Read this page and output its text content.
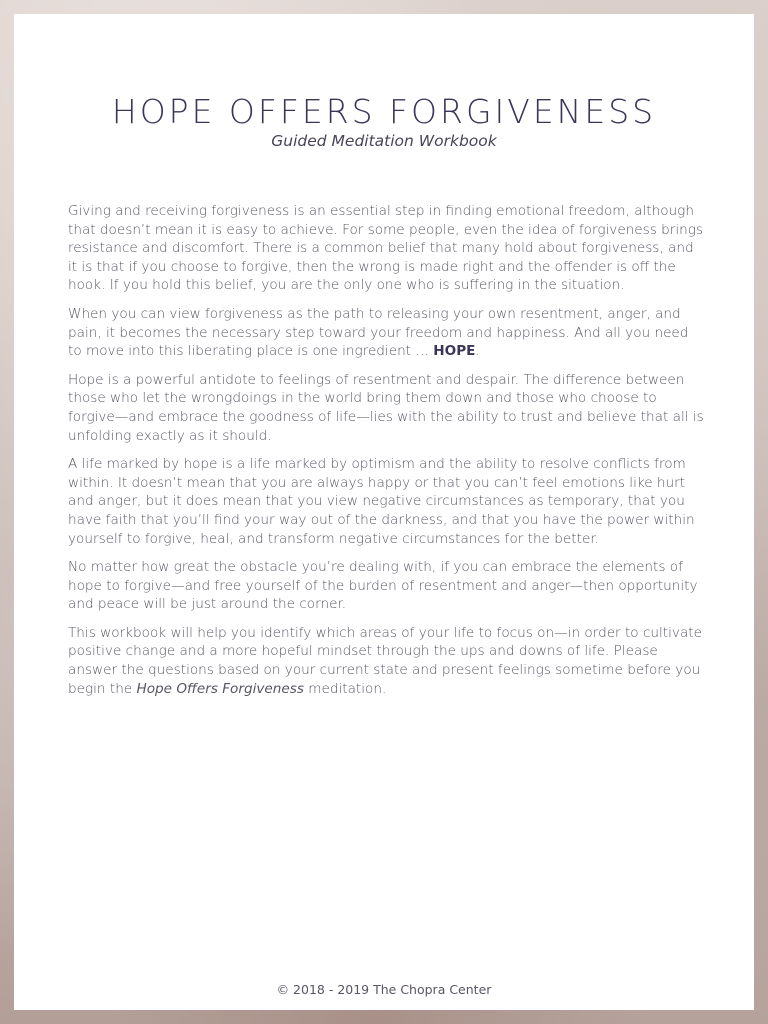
HOPE OFFERS FORGIVENESS
Guided Meditation Workbook

Giving and receiving forgiveness is an essential step in finding emotional freedom, although that doesn’t mean it is easy to achieve. For some people, even the idea of forgiveness brings resistance and discomfort. There is a common belief that many hold about forgiveness, and it is that if you choose to forgive, then the wrong is made right and the offender is off the hook. If you hold this belief, you are the only one who is suffering in the situation.

When you can view forgiveness as the path to releasing your own resentment, anger, and pain, it becomes the necessary step toward your freedom and happiness. And all you need to move into this liberating place is one ingredient … HOPE.

Hope is a powerful antidote to feelings of resentment and despair. The difference between those who let the wrongdoings in the world bring them down and those who choose to forgive—and embrace the goodness of life—lies with the ability to trust and believe that all is unfolding exactly as it should.

A life marked by hope is a life marked by optimism and the ability to resolve conflicts from within. It doesn’t mean that you are always happy or that you can’t feel emotions like hurt and anger, but it does mean that you view negative circumstances as temporary, that you have faith that you’ll find your way out of the darkness, and that you have the power within yourself to forgive, heal, and transform negative circumstances for the better.

No matter how great the obstacle you’re dealing with, if you can embrace the elements of hope to forgive—and free yourself of the burden of resentment and anger—then opportunity and peace will be just around the corner.

This workbook will help you identify which areas of your life to focus on—in order to cultivate positive change and a more hopeful mindset through the ups and downs of life. Please answer the questions based on your current state and present feelings sometime before you begin the Hope Offers Forgiveness meditation.

© 2018 - 2019 The Chopra Center
